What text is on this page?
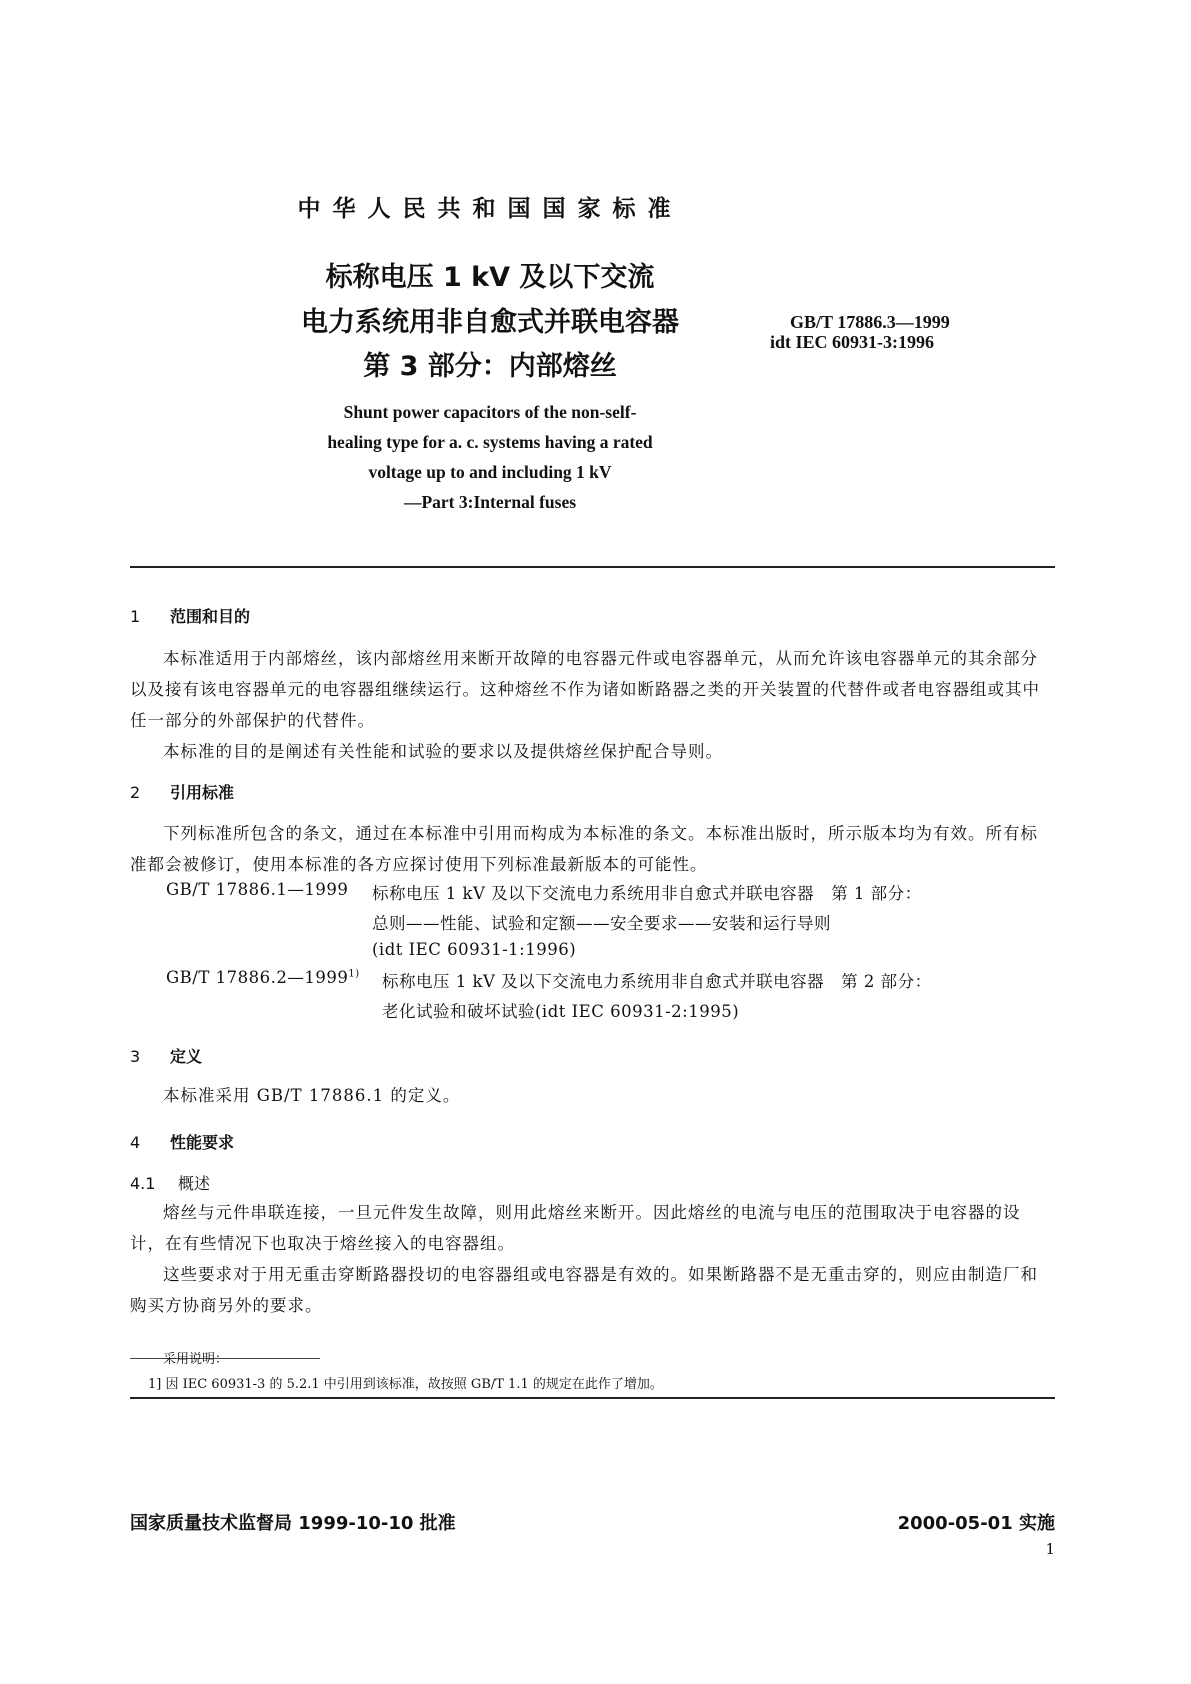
中华人民共和国国家标准
标称电压 1 kV 及以下交流
电力系统用非自愈式并联电容器
第 3 部分：内部熔丝
GB/T 17886.3—1999
idt IEC 60931-3:1996
Shunt power capacitors of the non-self-
healing type for a. c. systems having a rated
voltage up to and including 1 kV
—Part 3:Internal fuses
1 范围和目的
本标准适用于内部熔丝，该内部熔丝用来断开故障的电容器元件或电容器单元，从而允许该电容器单元的其余部分以及接有该电容器单元的电容器组继续运行。这种熔丝不作为诸如断路器之类的开关装置的代替件或者电容器组或其中任一部分的外部保护的代替件。
本标准的目的是阐述有关性能和试验的要求以及提供熔丝保护配合导则。
2 引用标准
下列标准所包含的条文，通过在本标准中引用而构成为本标准的条文。本标准出版时，所示版本均为有效。所有标准都会被修订，使用本标准的各方应探讨使用下列标准最新版本的可能性。
GB/T 17886.1—1999 标称电压 1 kV 及以下交流电力系统用非自愈式并联电容器　第 1 部分：
总则——性能、试验和定额——安全要求——安装和运行导则
(idt IEC 60931-1:1996)
GB/T 17886.2—1999$^{1)}$ 标称电压 1 kV 及以下交流电力系统用非自愈式并联电容器　第 2 部分：
老化试验和破坏试验(idt IEC 60931-2:1995)
3 定义
本标准采用 GB/T 17886.1 的定义。
4 性能要求
4.1 概述
熔丝与元件串联连接，一旦元件发生故障，则用此熔丝来断开。因此熔丝的电流与电压的范围取决于电容器的设计，在有些情况下也取决于熔丝接入的电容器组。
这些要求对于用无重击穿断路器投切的电容器组或电容器是有效的。如果断路器不是无重击穿的，则应由制造厂和购买方协商另外的要求。
采用说明：
1] 因 IEC 60931-3 的 5.2.1 中引用到该标准，故按照 GB/T 1.1 的规定在此作了增加。
国家质量技术监督局 1999-10-10 批准	2000-05-01 实施
1
